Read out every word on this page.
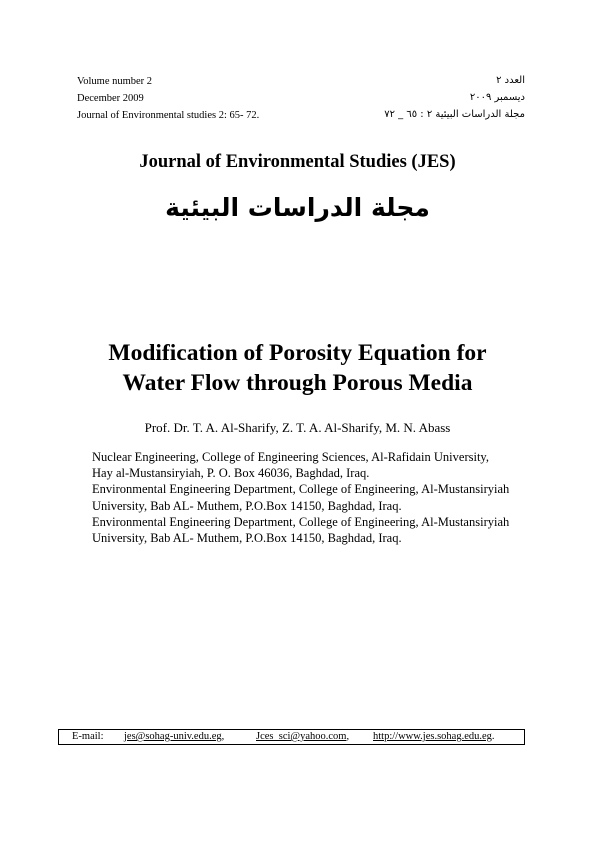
Volume number 2
December 2009
Journal of Environmental studies 2: 65- 72.
العدد ٢
ديسمبر ٢٠٠٩
مجلة الدراسات البيئية ٢ : ٦٥ _ ٧٢
Journal of Environmental Studies (JES)
مجلة الدراسات البيئية
Modification of Porosity Equation for
Water Flow through Porous Media
Prof. Dr. T. A. Al-Sharify, Z. T. A. Al-Sharify, M. N. Abass

Nuclear Engineering, College of Engineering Sciences, Al-Rafidain University, Hay al-Mustansiryiah, P. O. Box 46036, Baghdad, Iraq.

Environmental Engineering Department, College of Engineering, Al-Mustansiryiah University, Bab AL- Muthem, P.O.Box 14150, Baghdad, Iraq.

Environmental Engineering Department, College of Engineering, Al-Mustansiryiah University, Bab AL- Muthem, P.O.Box 14150, Baghdad, Iraq.

E-mail: jes@sohag-univ.edu.eg,	Jces_sci@yahoo.com, http://www.jes.sohag.edu.eg.
